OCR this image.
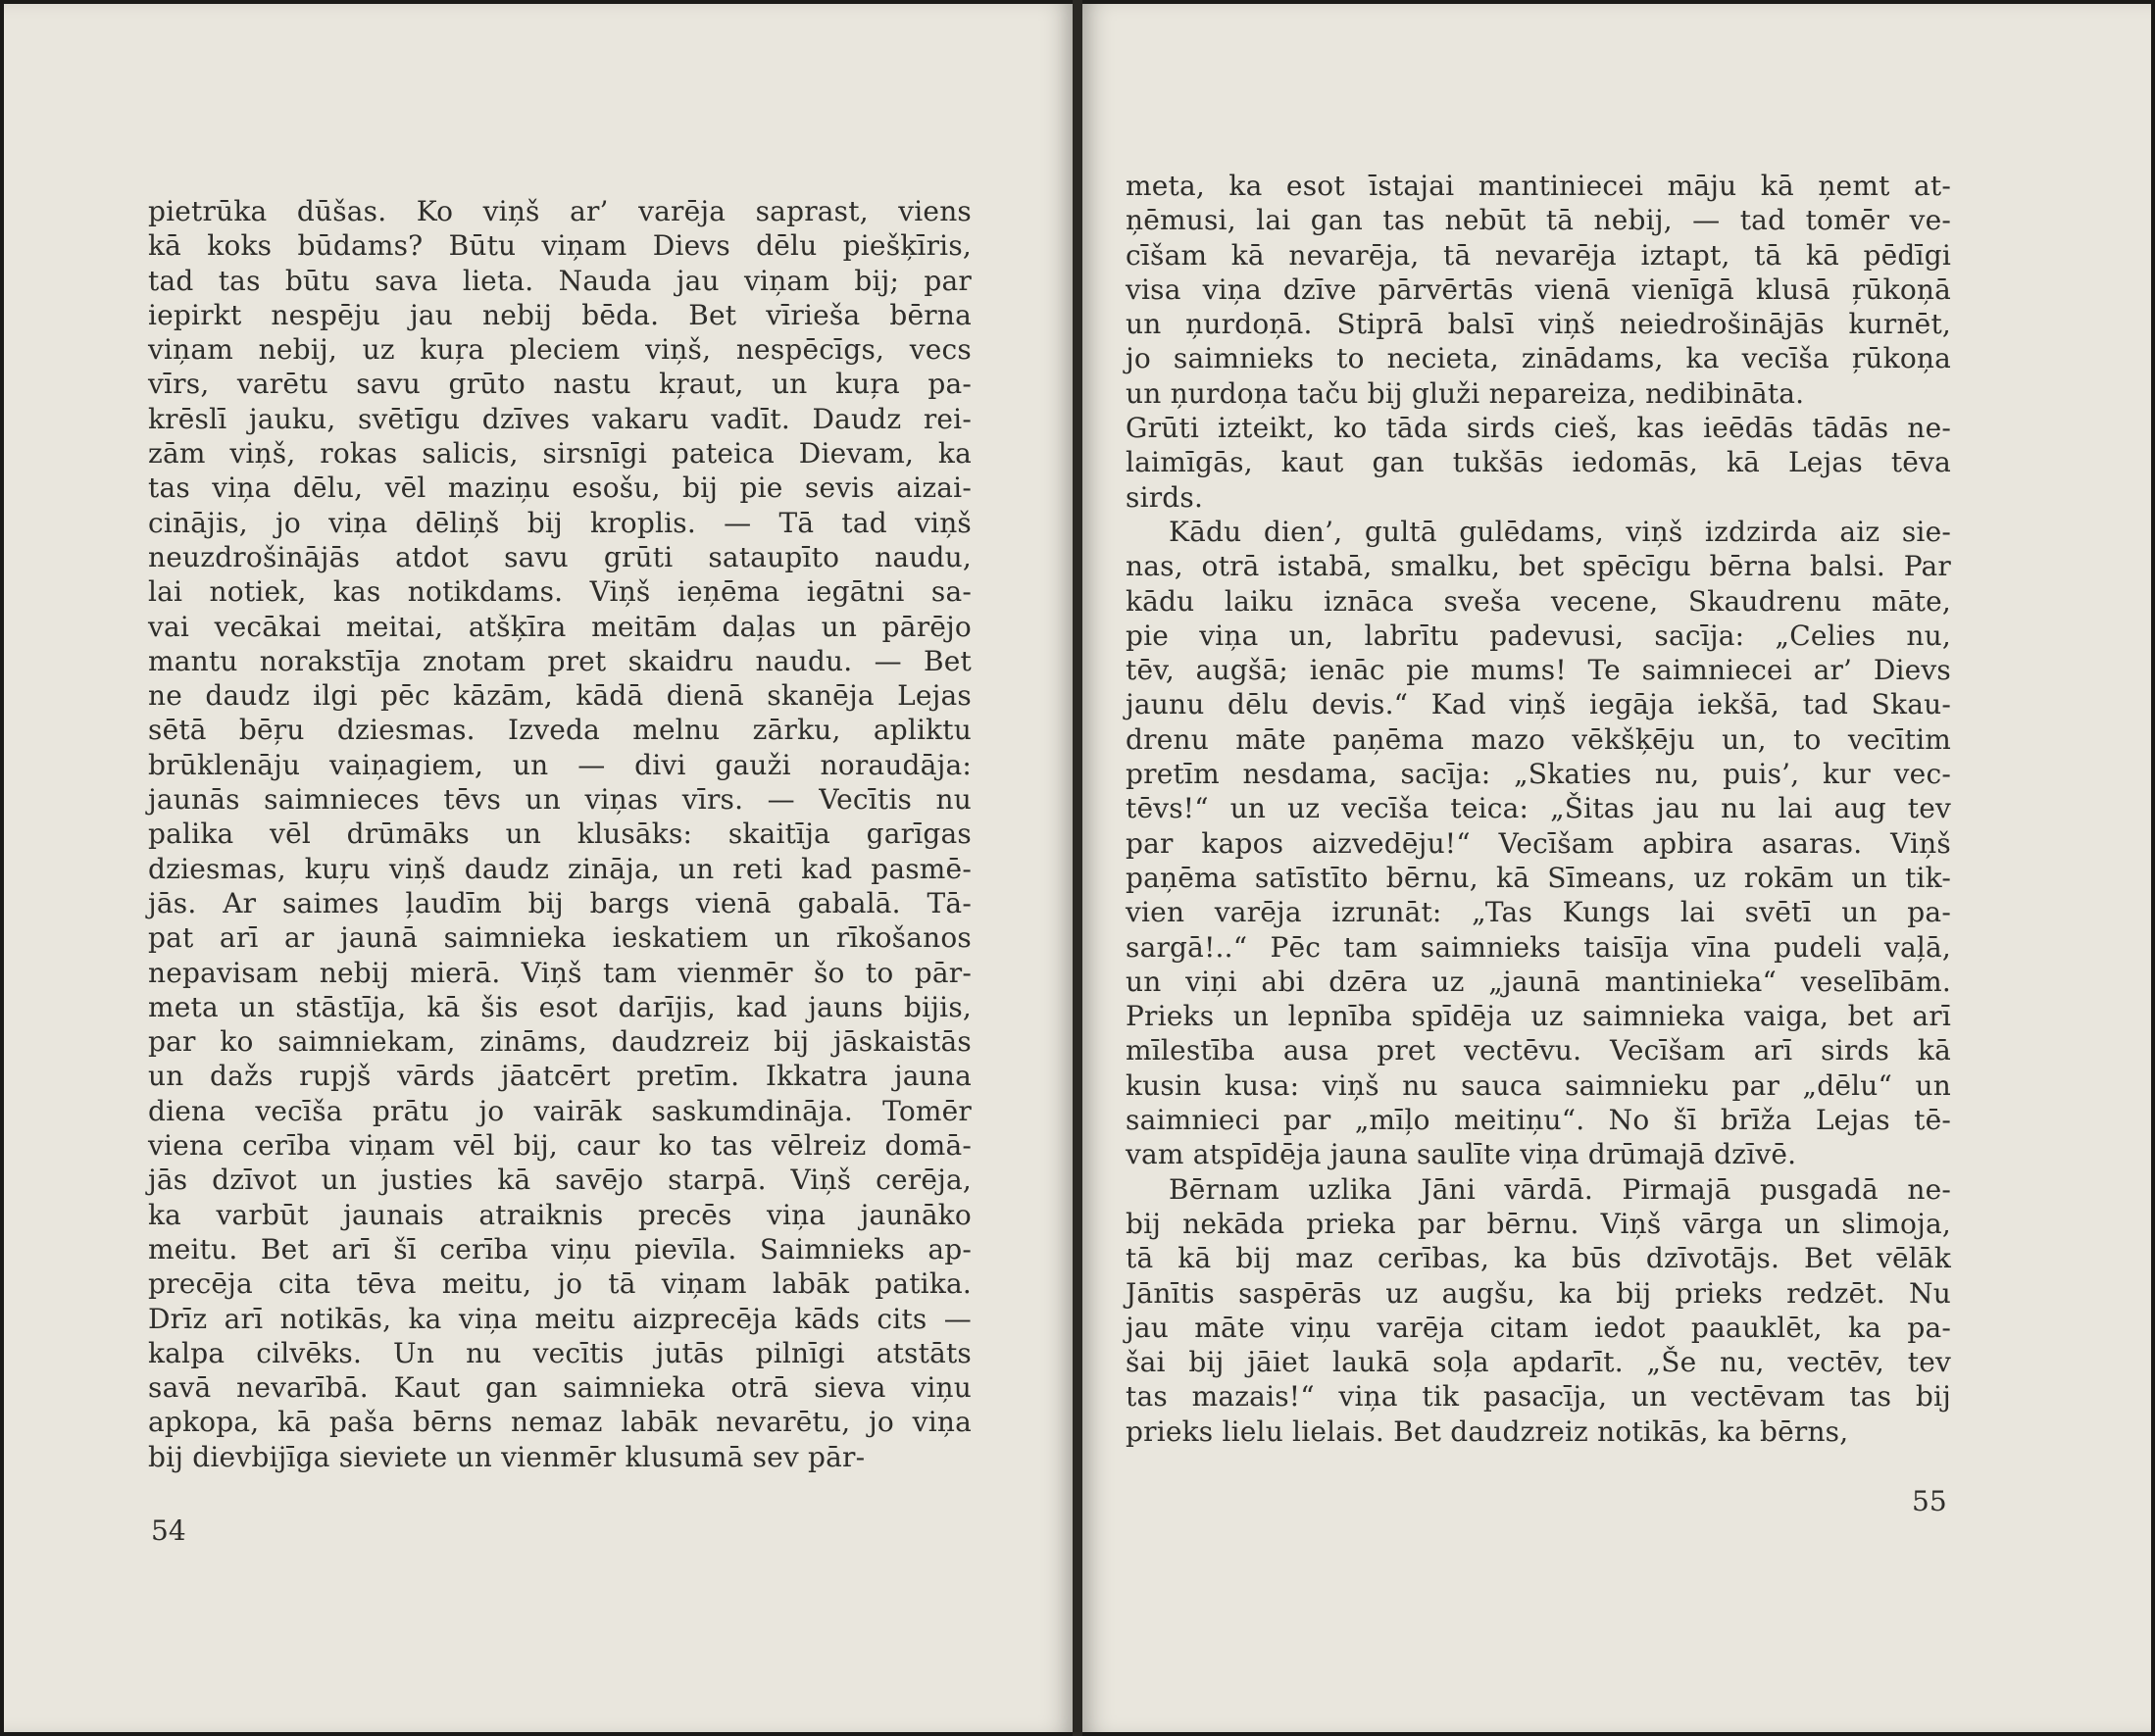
pietrūka dūšas. Ko viņš ar’ varēja saprast, viens
kā koks būdams? Būtu viņam Dievs dēlu piešķīris,
tad tas būtu sava lieta. Nauda jau viņam bij; par
iepirkt nespēju jau nebij bēda. Bet vīrieša bērna
viņam nebij, uz kuŗa pleciem viņš, nespēcīgs, vecs
vīrs, varētu savu grūto nastu kŗaut, un kuŗa pa-
krēslī jauku, svētīgu dzīves vakaru vadīt. Daudz rei-
zām viņš, rokas salicis, sirsnīgi pateica Dievam, ka
tas viņa dēlu, vēl maziņu esošu, bij pie sevis aizai-
cinājis, jo viņa dēliņš bij kroplis. — Tā tad viņš
neuzdrošinājās atdot savu grūti sataupīto naudu,
lai notiek, kas notikdams. Viņš ieņēma iegātni sa-
vai vecākai meitai, atšķīra meitām daļas un pārējo
mantu norakstīja znotam pret skaidru naudu. — Bet
ne daudz ilgi pēc kāzām, kādā dienā skanēja Lejas
sētā bēŗu dziesmas. Izveda melnu zārku, apliktu
brūklenāju vaiņagiem, un — divi gauži noraudāja:
jaunās saimnieces tēvs un viņas vīrs. — Vecītis nu
palika vēl drūmāks un klusāks: skaitīja garīgas
dziesmas, kuŗu viņš daudz zināja, un reti kad pasmē-
jās. Ar saimes ļaudīm bij bargs vienā gabalā. Tā-
pat arī ar jaunā saimnieka ieskatiem un rīkošanos
nepavisam nebij mierā. Viņš tam vienmēr šo to pār-
meta un stāstīja, kā šis esot darījis, kad jauns bijis,
par ko saimniekam, zināms, daudzreiz bij jāskaistās
un dažs rupjš vārds jāatcērt pretīm. Ikkatra jauna
diena vecīša prātu jo vairāk saskumdināja. Tomēr
viena cerība viņam vēl bij, caur ko tas vēlreiz domā-
jās dzīvot un justies kā savējo starpā. Viņš cerēja,
ka varbūt jaunais atraiknis precēs viņa jaunāko
meitu. Bet arī šī cerība viņu pievīla. Saimnieks ap-
precēja cita tēva meitu, jo tā viņam labāk patika.
Drīz arī notikās, ka viņa meitu aizprecēja kāds cits —
kalpa cilvēks. Un nu vecītis jutās pilnīgi atstāts
savā nevarībā. Kaut gan saimnieka otrā sieva viņu
apkopa, kā paša bērns nemaz labāk nevarētu, jo viņa
bij dievbijīga sieviete un vienmēr klusumā sev pār-
54
meta, ka esot īstajai mantiniecei māju kā ņemt at-
ņēmusi, lai gan tas nebūt tā nebij, — tad tomēr ve-
cīšam kā nevarēja, tā nevarēja iztapt, tā kā pēdīgi
visa viņa dzīve pārvērtās vienā vienīgā klusā ŗūkoņā
un ņurdoņā. Stiprā balsī viņš neiedrošinājās kurnēt,
jo saimnieks to necieta, zinādams, ka vecīša ŗūkoņa
un ņurdoņa taču bij gluži nepareiza, nedibināta.
Grūti izteikt, ko tāda sirds cieš, kas ieēdās tādās ne-
laimīgās, kaut gan tukšās iedomās, kā Lejas tēva
sirds.
Kādu dien’, gultā gulēdams, viņš izdzirda aiz sie-
nas, otrā istabā, smalku, bet spēcīgu bērna balsi. Par
kādu laiku iznāca sveša vecene, Skaudrenu māte,
pie viņa un, labrītu padevusi, sacīja: „Celies nu,
tēv, augšā; ienāc pie mums! Te saimniecei ar’ Dievs
jaunu dēlu devis.“ Kad viņš iegāja iekšā, tad Skau-
drenu māte paņēma mazo vēkšķēju un, to vecītim
pretīm nesdama, sacīja: „Skaties nu, puis’, kur vec-
tēvs!“ un uz vecīša teica: „Šitas jau nu lai aug tev
par kapos aizvedēju!“ Vecīšam apbira asaras. Viņš
paņēma satīstīto bērnu, kā Sīmeans, uz rokām un tik-
vien varēja izrunāt: „Tas Kungs lai svētī un pa-
sargā!..“ Pēc tam saimnieks taisīja vīna pudeli vaļā,
un viņi abi dzēra uz „jaunā mantinieka“ veselībām.
Prieks un lepnība spīdēja uz saimnieka vaiga, bet arī
mīlestība ausa pret vectēvu. Vecīšam arī sirds kā
kusin kusa: viņš nu sauca saimnieku par „dēlu“ un
saimnieci par „mīļo meitiņu“. No šī brīža Lejas tē-
vam atspīdēja jauna saulīte viņa drūmajā dzīvē.
Bērnam uzlika Jāni vārdā. Pirmajā pusgadā ne-
bij nekāda prieka par bērnu. Viņš vārga un slimoja,
tā kā bij maz cerības, ka būs dzīvotājs. Bet vēlāk
Jānītis saspērās uz augšu, ka bij prieks redzēt. Nu
jau māte viņu varēja citam iedot paauklēt, ka pa-
šai bij jāiet laukā soļa apdarīt. „Še nu, vectēv, tev
tas mazais!“ viņa tik pasacīja, un vectēvam tas bij
prieks lielu lielais. Bet daudzreiz notikās, ka bērns,
55
